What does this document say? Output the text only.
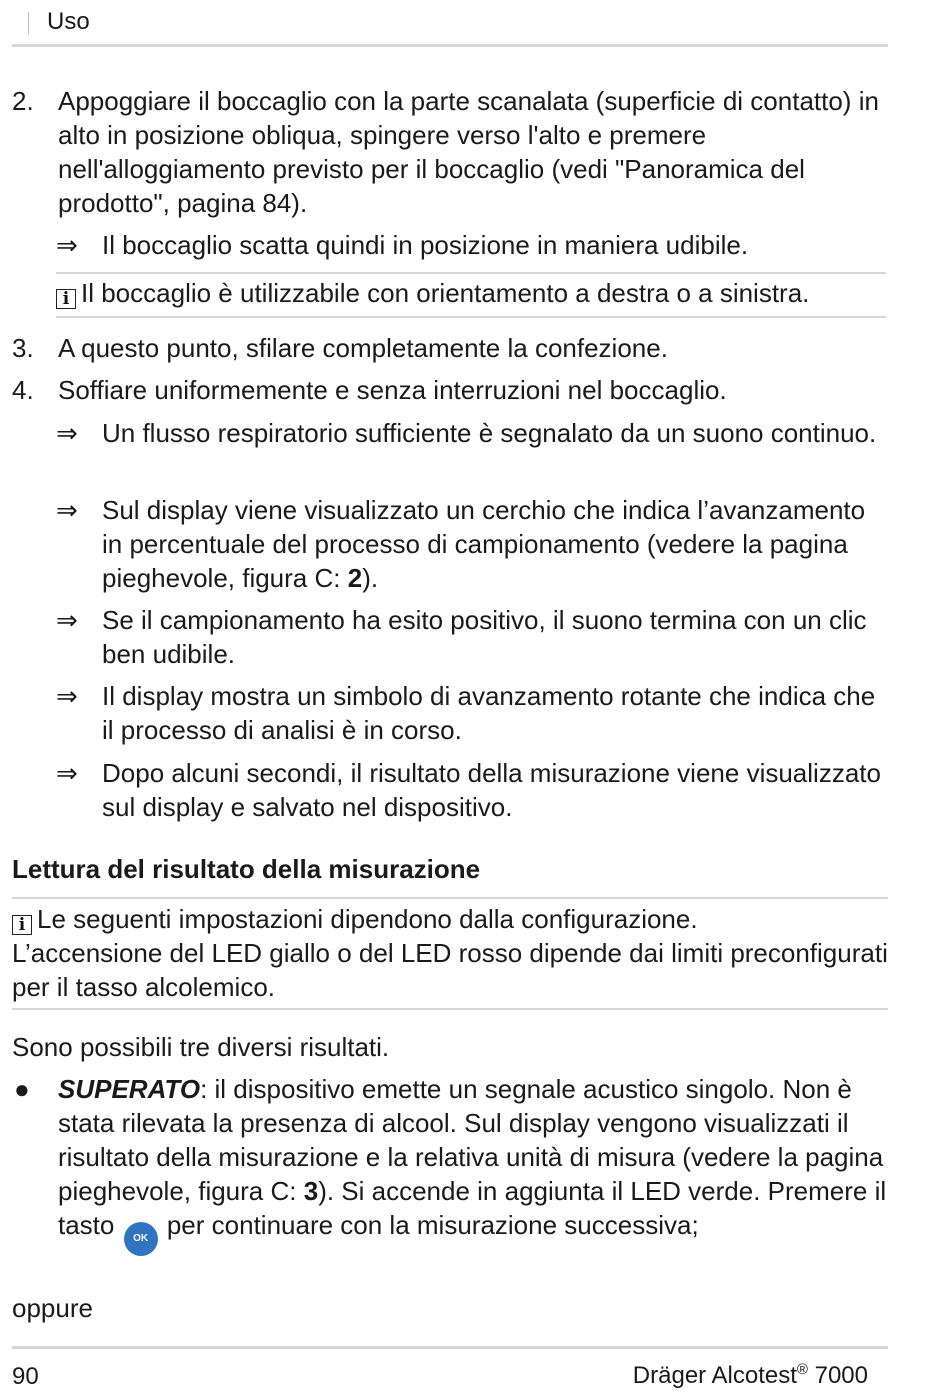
Uso
2. Appoggiare il boccaglio con la parte scanalata (superficie di contatto) in alto in posizione obliqua, spingere verso l'alto e premere nell'alloggiamento previsto per il boccaglio (vedi "Panoramica del prodotto", pagina 84).
⇒ Il boccaglio scatta quindi in posizione in maniera udibile.
i Il boccaglio è utilizzabile con orientamento a destra o a sinistra.
3. A questo punto, sfilare completamente la confezione.
4. Soffiare uniformemente e senza interruzioni nel boccaglio.
⇒ Un flusso respiratorio sufficiente è segnalato da un suono continuo.
⇒ Sul display viene visualizzato un cerchio che indica l’avanzamento in percentuale del processo di campionamento (vedere la pagina pieghevole, figura C: 2).
⇒ Se il campionamento ha esito positivo, il suono termina con un clic ben udibile.
⇒ Il display mostra un simbolo di avanzamento rotante che indica che il processo di analisi è in corso.
⇒ Dopo alcuni secondi, il risultato della misurazione viene visualizzato sul display e salvato nel dispositivo.
Lettura del risultato della misurazione
i Le seguenti impostazioni dipendono dalla configurazione.
L’accensione del LED giallo o del LED rosso dipende dai limiti preconfigurati per il tasso alcolemico.
Sono possibili tre diversi risultati.
● SUPERATO: il dispositivo emette un segnale acustico singolo. Non è stata rilevata la presenza di alcool. Sul display vengono visualizzati il risultato della misurazione e la relativa unità di misura (vedere la pagina pieghevole, figura C: 3). Si accende in aggiunta il LED verde. Premere il tasto OK per continuare con la misurazione successiva;
oppure
90	Dräger Alcotest® 7000
